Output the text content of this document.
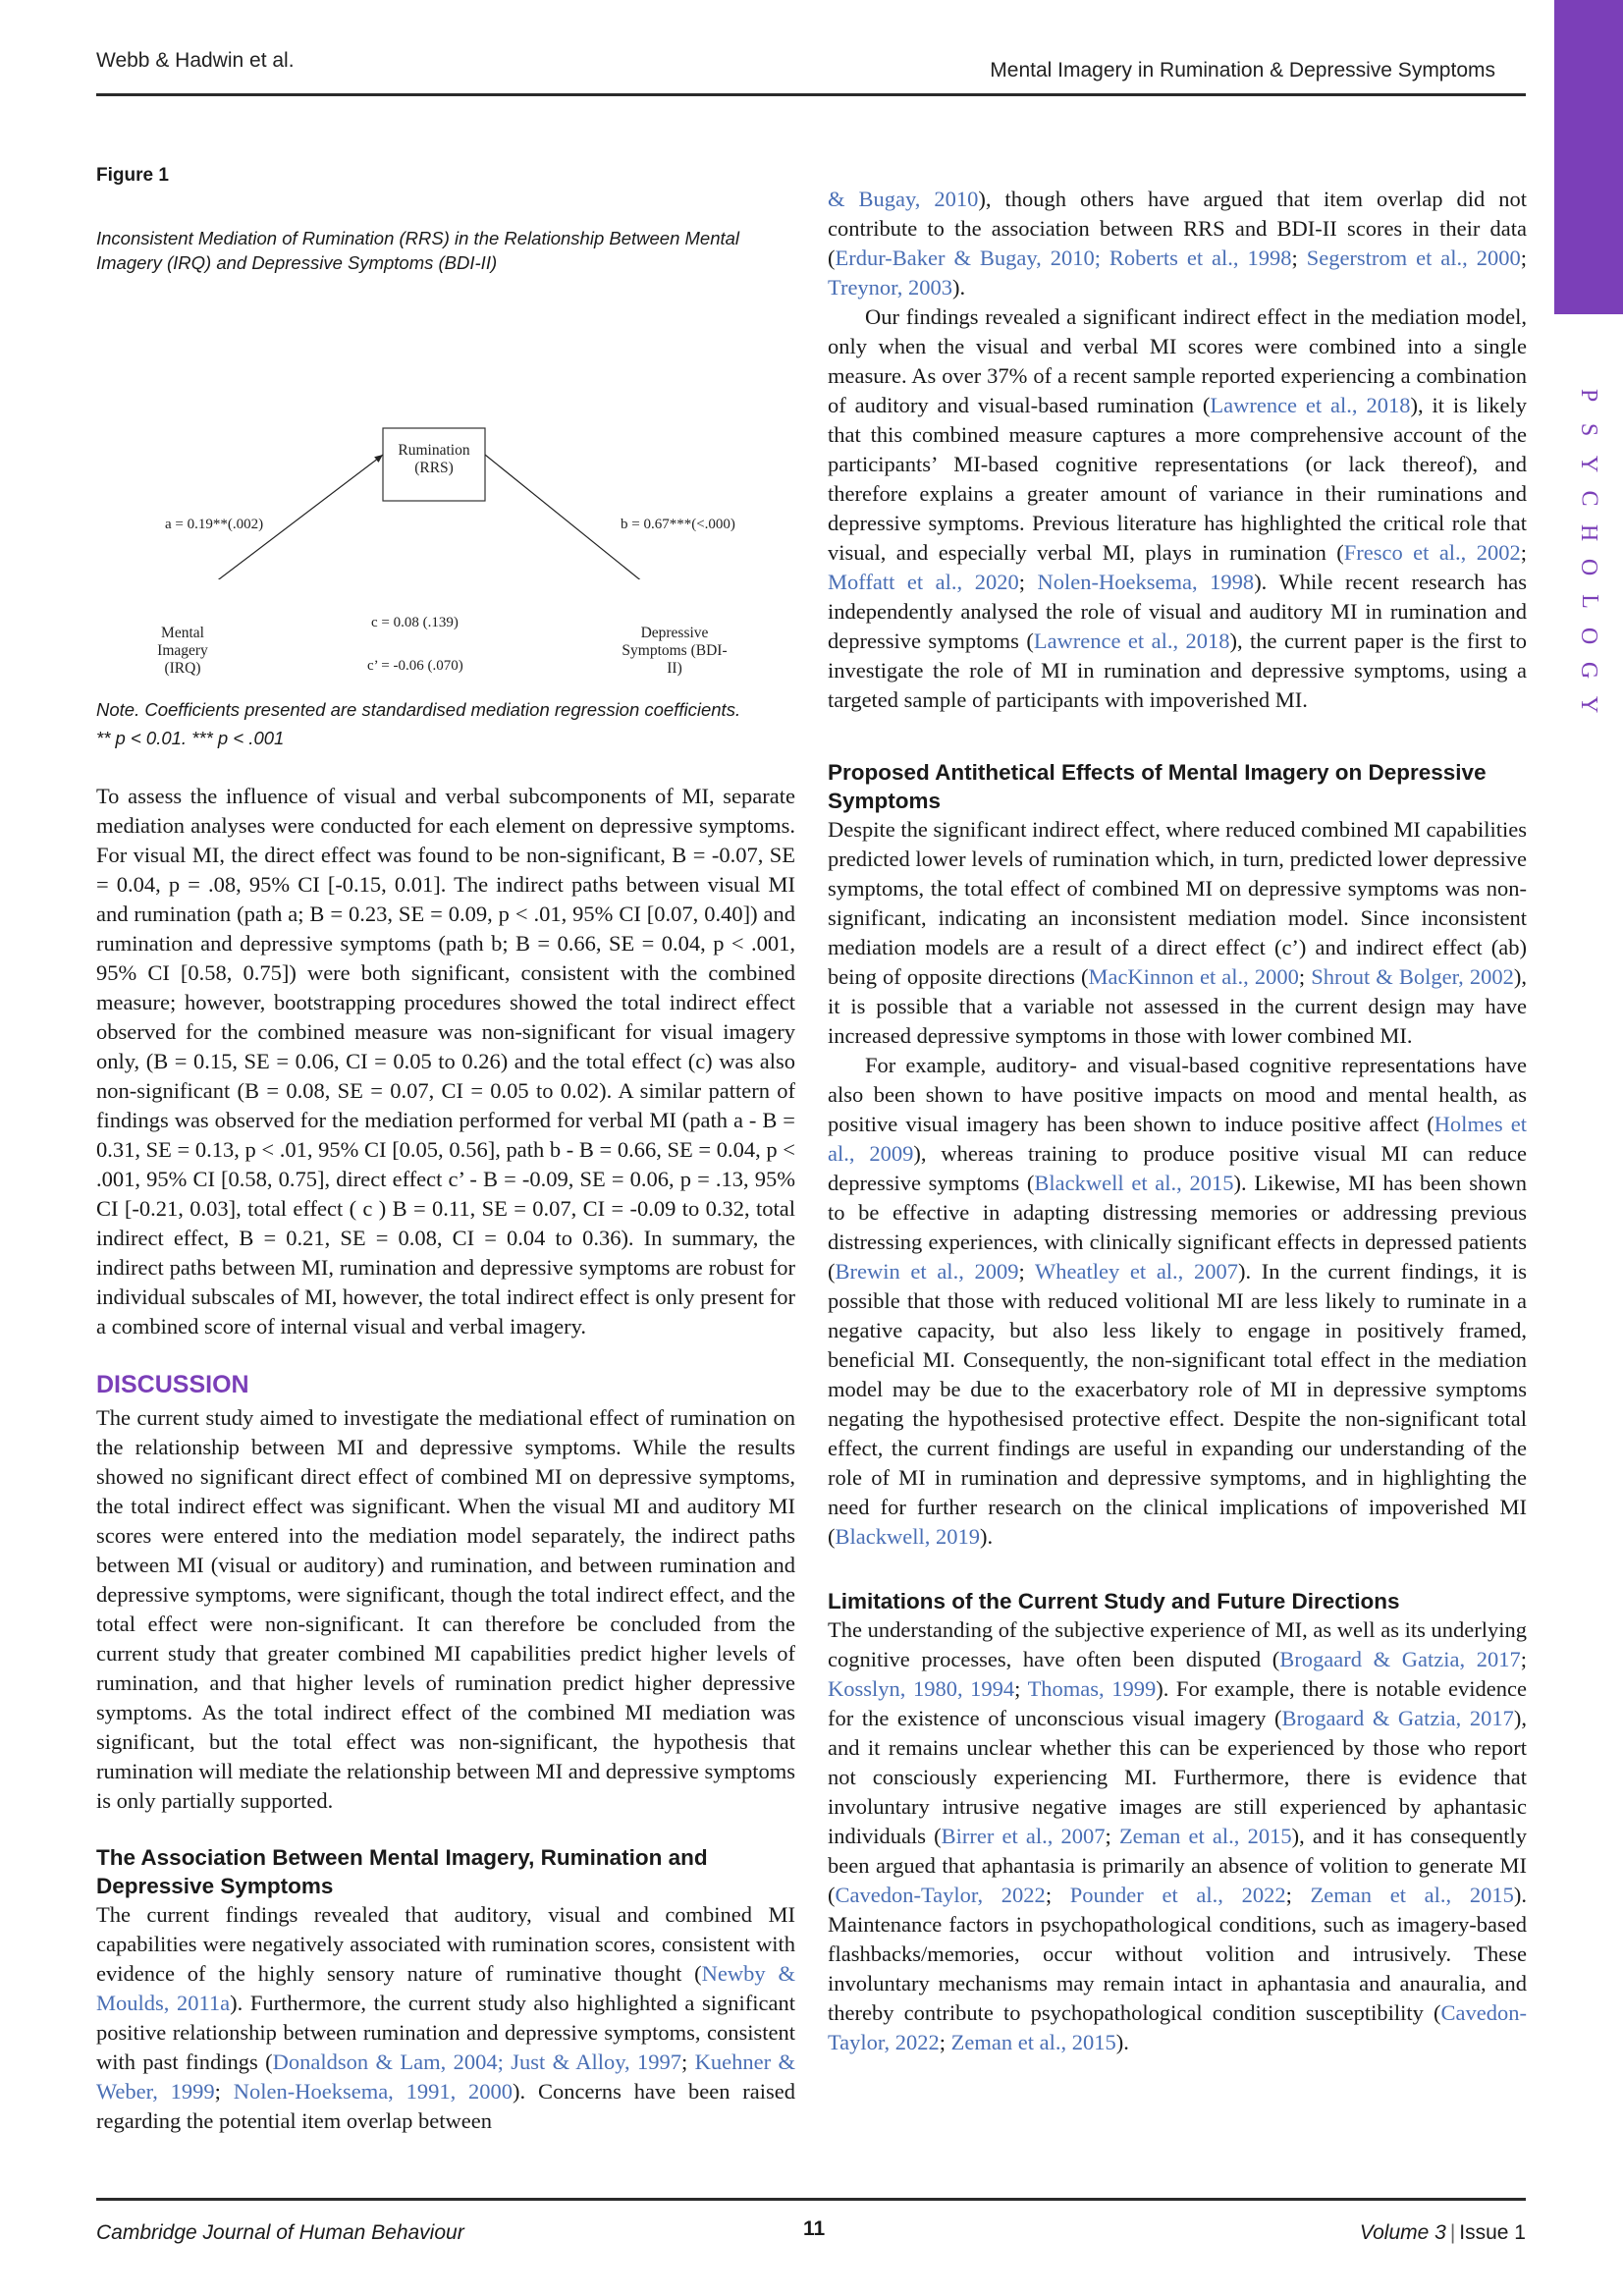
P
S
Y
C
H
O
L
O
G
Y
Webb & Hadwin et al.	Mental Imagery in Rumination & Depressive Symptoms
Figure 1
Inconsistent Mediation of Rumination (RRS) in the Relationship Between Mental Imagery (IRQ) and Depressive Symptoms (BDI-II)
Rumination
(RRS)
Mental Imagery
(IRQ)
Depressive
Symptoms (BDI-II)
a = 0.19**(.002)	b = 0.67***(<.000)
c = 0.08 (.139)
c’ = -0.06 (.070)
Note. Coefficients presented are standardised mediation regression coefficients.
** p < 0.01. *** p < .001

To assess the influence of visual and verbal subcomponents of MI, separate mediation analyses were conducted for each element on depressive symptoms. For visual MI, the direct effect was found to be non-significant, B = -0.07, SE = 0.04, p = .08, 95% CI [-0.15, 0.01]. The indirect paths between visual MI and rumination (path a; B = 0.23, SE = 0.09, p < .01, 95% CI [0.07, 0.40]) and rumination and depressive symptoms (path b; B = 0.66, SE = 0.04, p < .001, 95% CI [0.58, 0.75]) were both significant, consistent with the combined measure; however, bootstrapping procedures showed the total indirect effect observed for the combined measure was non-significant for visual imagery only, (B = 0.15, SE = 0.06, CI = 0.05 to 0.26) and the total effect (c) was also non-significant (B = 0.08, SE = 0.07, CI = 0.05 to 0.02). A similar pattern of findings was observed for the mediation performed for verbal MI (path a - B = 0.31, SE = 0.13, p < .01, 95% CI [0.05, 0.56], path b - B = 0.66, SE = 0.04, p < .001, 95% CI [0.58, 0.75], direct effect c’ - B = -0.09, SE = 0.06, p = .13, 95% CI [-0.21, 0.03], total effect ( c ) B = 0.11, SE = 0.07, CI = -0.09 to 0.32, total indirect effect, B = 0.21, SE = 0.08, CI = 0.04 to 0.36). In summary, the indirect paths between MI, rumination and depressive symptoms are robust for individual subscales of MI, however, the total indirect effect is only present for a combined score of internal visual and verbal imagery.

DISCUSSION

The current study aimed to investigate the mediational effect of rumination on the relationship between MI and depressive symptoms. While the results showed no significant direct effect of combined MI on depressive symptoms, the total indirect effect was significant. When the visual MI and auditory MI scores were entered into the mediation model separately, the indirect paths between MI (visual or auditory) and rumination, and between rumination and depressive symptoms, were significant, though the total indirect effect, and the total effect were non-significant. It can therefore be concluded from the current study that greater combined MI capabilities predict higher levels of rumination, and that higher levels of rumination predict higher depressive symptoms. As the total indirect effect of the combined MI mediation was significant, but the total effect was non-significant, the hypothesis that rumination will mediate the relationship between MI and depressive symptoms is only partially supported.

The Association Between Mental Imagery, Rumination and Depressive Symptoms

The current findings revealed that auditory, visual and combined MI capabilities were negatively associated with rumination scores, consistent with evidence of the highly sensory nature of ruminative thought (Newby & Moulds, 2011a). Furthermore, the current study also highlighted a significant positive relationship between rumination and depressive symptoms, consistent with past findings (Donaldson & Lam, 2004; Just & Alloy, 1997; Kuehner & Weber, 1999; Nolen-Hoeksema, 1991, 2000). Concerns have been raised regarding the potential item overlap between

& Bugay, 2010), though others have argued that item overlap did not contribute to the association between RRS and BDI-II scores in their data (Erdur-Baker & Bugay, 2010; Roberts et al., 1998; Segerstrom et al., 2000; Treynor, 2003).

Our findings revealed a significant indirect effect in the mediation model, only when the visual and verbal MI scores were combined into a single measure. As over 37% of a recent sample reported experiencing a combination of auditory and visual-based rumination (Lawrence et al., 2018), it is likely that this combined measure captures a more comprehensive account of the participants’ MI-based cognitive representations (or lack thereof), and therefore explains a greater amount of variance in their ruminations and depressive symptoms. Previous literature has highlighted the critical role that visual, and especially verbal MI, plays in rumination (Fresco et al., 2002; Moffatt et al., 2020; Nolen-Hoeksema, 1998). While recent research has independently analysed the role of visual and auditory MI in rumination and depressive symptoms (Lawrence et al., 2018), the current paper is the first to investigate the role of MI in rumination and depressive symptoms, using a targeted sample of participants with impoverished MI.

Proposed Antithetical Effects of Mental Imagery on Depressive Symptoms

Despite the significant indirect effect, where reduced combined MI capabilities predicted lower levels of rumination which, in turn, predicted lower depressive symptoms, the total effect of combined MI on depressive symptoms was non-significant, indicating an inconsistent mediation model. Since inconsistent mediation models are a result of a direct effect (c’) and indirect effect (ab) being of opposite directions (MacKinnon et al., 2000; Shrout & Bolger, 2002), it is possible that a variable not assessed in the current design may have increased depressive symptoms in those with lower combined MI.

For example, auditory- and visual-based cognitive representations have also been shown to have positive impacts on mood and mental health, as positive visual imagery has been shown to induce positive affect (Holmes et al., 2009), whereas training to produce positive visual MI can reduce depressive symptoms (Blackwell et al., 2015). Likewise, MI has been shown to be effective in adapting distressing memories or addressing previous distressing experiences, with clinically significant effects in depressed patients (Brewin et al., 2009; Wheatley et al., 2007). In the current findings, it is possible that those with reduced volitional MI are less likely to ruminate in a negative capacity, but also less likely to engage in positively framed, beneficial MI. Consequently, the non-significant total effect in the mediation model may be due to the exacerbatory role of MI in depressive symptoms negating the hypothesised protective effect. Despite the non-significant total effect, the current findings are useful in expanding our understanding of the role of MI in rumination and depressive symptoms, and in highlighting the need for further research on the clinical implications of impoverished MI (Blackwell, 2019).

Limitations of the Current Study and Future Directions

The understanding of the subjective experience of MI, as well as its underlying cognitive processes, have often been disputed (Brogaard & Gatzia, 2017; Kosslyn, 1980, 1994; Thomas, 1999). For example, there is notable evidence for the existence of unconscious visual imagery (Brogaard & Gatzia, 2017), and it remains unclear whether this can be experienced by those who report not consciously experiencing MI. Furthermore, there is evidence that involuntary intrusive negative images are still experienced by aphantasic individuals (Birrer et al., 2007; Zeman et al., 2015), and it has consequently been argued that aphantasia is primarily an absence of volition to generate MI (Cavedon-Taylor, 2022; Pounder et al., 2022; Zeman et al., 2015). Maintenance factors in psychopathological conditions, such as imagery-based flashbacks/memories, occur without volition and intrusively. These involuntary mechanisms may remain intact in aphantasia and anauralia, and thereby contribute to psychopathological condition susceptibility (Cavedon-Taylor, 2022; Zeman et al., 2015).

Cambridge Journal of Human Behaviour	11	Volume 3 | Issue 1
